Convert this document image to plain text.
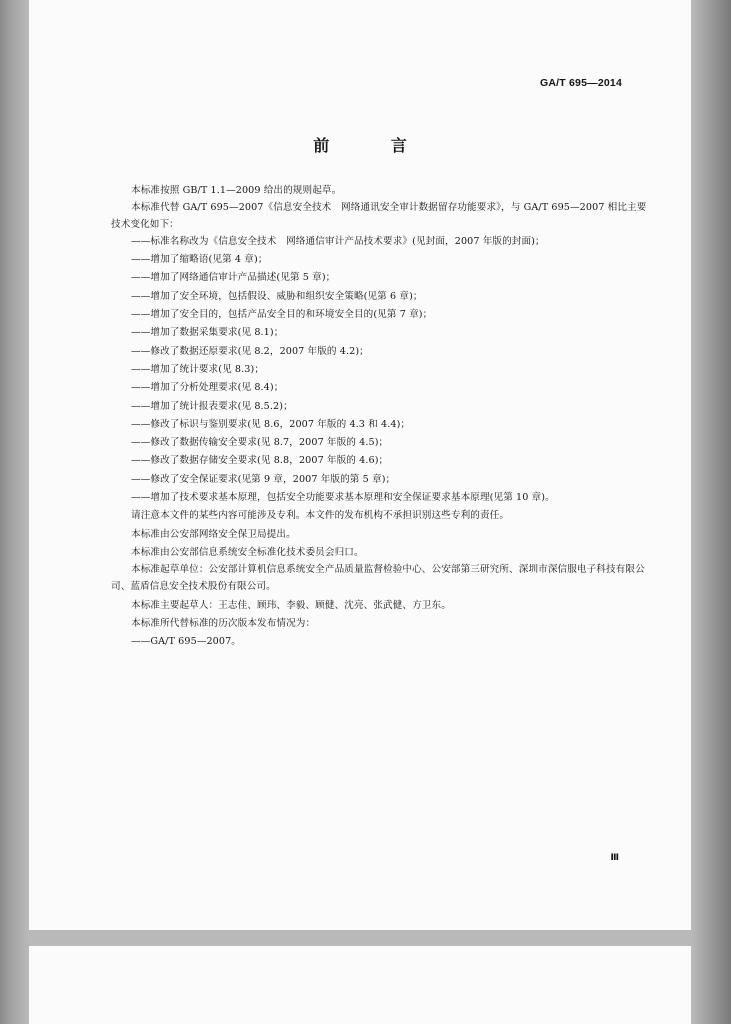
GA/T 695—2014
前 言
本标准按照 GB/T 1.1—2009 给出的规则起草。
本标准代替 GA/T 695—2007《信息安全技术　网络通讯安全审计数据留存功能要求》，与 GA/T 695—2007 相比主要技术变化如下：
——标准名称改为《信息安全技术　网络通信审计产品技术要求》(见封面，2007 年版的封面)；
——增加了缩略语(见第 4 章)；
——增加了网络通信审计产品描述(见第 5 章)；
——增加了安全环境，包括假设、威胁和组织安全策略(见第 6 章)；
——增加了安全目的，包括产品安全目的和环境安全目的(见第 7 章)；
——增加了数据采集要求(见 8.1)；
——修改了数据还原要求(见 8.2，2007 年版的 4.2)；
——增加了统计要求(见 8.3)；
——增加了分析处理要求(见 8.4)；
——增加了统计报表要求(见 8.5.2)；
——修改了标识与鉴别要求(见 8.6，2007 年版的 4.3 和 4.4)；
——修改了数据传输安全要求(见 8.7，2007 年版的 4.5)；
——修改了数据存储安全要求(见 8.8，2007 年版的 4.6)；
——修改了安全保证要求(见第 9 章，2007 年版的第 5 章)；
——增加了技术要求基本原理，包括安全功能要求基本原理和安全保证要求基本原理(见第 10 章)。
请注意本文件的某些内容可能涉及专利。本文件的发布机构不承担识别这些专利的责任。
本标准由公安部网络安全保卫局提出。
本标准由公安部信息系统安全标准化技术委员会归口。
本标准起草单位：公安部计算机信息系统安全产品质量监督检验中心、公安部第三研究所、深圳市深信服电子科技有限公司、蓝盾信息安全技术股份有限公司。
本标准主要起草人：王志佳、顾玮、李毅、顾健、沈亮、张武健、方卫东。
本标准所代替标准的历次版本发布情况为：
——GA/T 695—2007。
Ⅲ
